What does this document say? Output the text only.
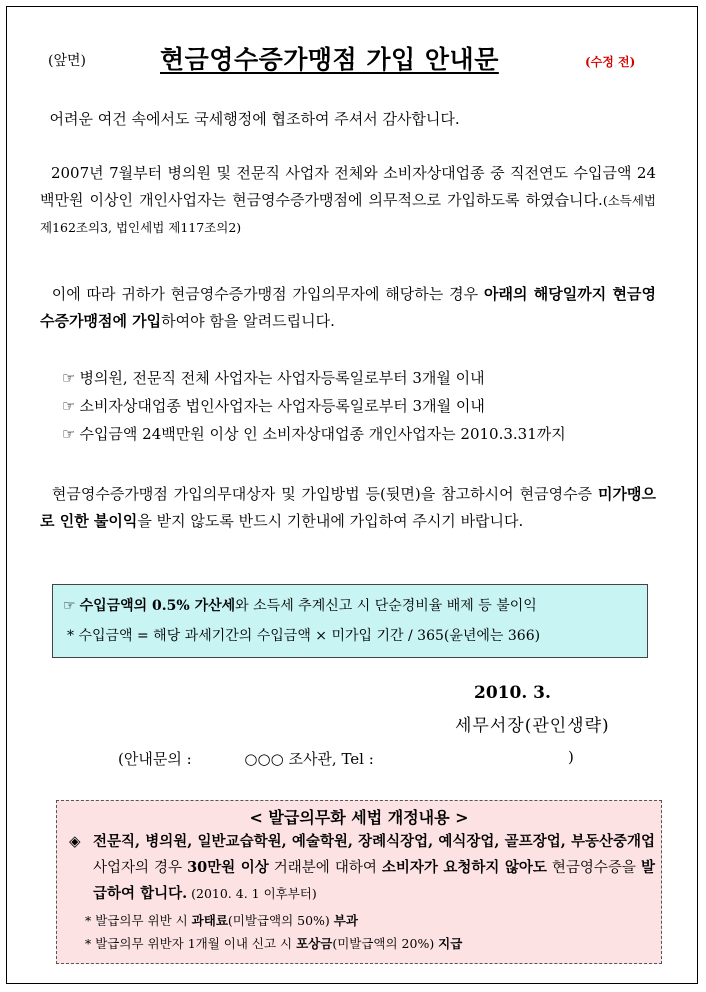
(앞면)	현금영수증가맹점 가입 안내문	(수정 전)
어려운 여건 속에서도 국세행정에 협조하여 주셔서 감사합니다.
2007년 7월부터 병의원 및 전문직 사업자 전체와 소비자상대업종 중 직전연도 수입금액 24백만원 이상인 개인사업자는 현금영수증가맹점에 의무적으로 가입하도록 하였습니다.(소득세법 제162조의3, 법인세법 제117조의2)
이에 따라 귀하가 현금영수증가맹점 가입의무자에 해당하는 경우 아래의 해당일까지 현금영수증가맹점에 가입하여야 함을 알려드립니다.
☞ 병의원, 전문직 전체 사업자는 사업자등록일로부터 3개월 이내
☞ 소비자상대업종 법인사업자는 사업자등록일로부터 3개월 이내
☞ 수입금액 24백만원 이상 인 소비자상대업종 개인사업자는 2010.3.31까지
현금영수증가맹점 가입의무대상자 및 가입방법 등(뒷면)을 참고하시어 현금영수증 미가맹으로 인한 불이익을 받지 않도록 반드시 기한내에 가입하여 주시기 바랍니다.
☞ 수입금액의 0.5% 가산세와 소득세 추계신고 시 단순경비율 배제 등 불이익
* 수입금액 = 해당 과세기간의 수입금액 × 미가입 기간 / 365(윤년에는 366)
2010. 3.
세무서장(관인생략)
(안내문의 :	○○○ 조사관, Tel :	)
< 발급의무화 세법 개정내용 >
◈ 전문직, 병의원, 일반교습학원, 예술학원, 장례식장업, 예식장업, 골프장업, 부동산중개업 사업자의 경우 30만원 이상 거래분에 대하여 소비자가 요청하지 않아도 현금영수증을 발급하여 합니다. (2010. 4. 1 이후부터)
* 발급의무 위반 시 과태료(미발급액의 50%) 부과
* 발급의무 위반자 1개월 이내 신고 시 포상금(미발급액의 20%) 지급
